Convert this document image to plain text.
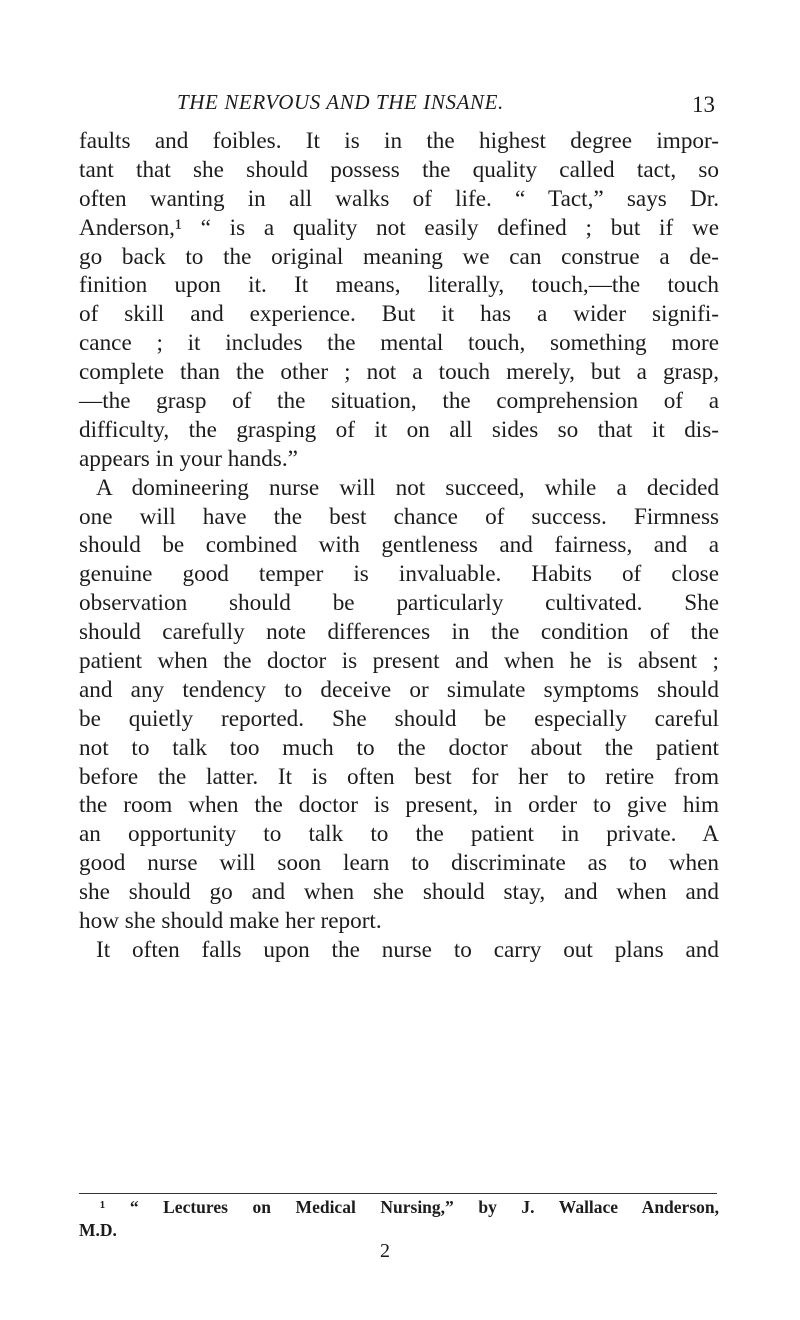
THE NERVOUS AND THE INSANE.	13
faults and foibles. It is in the highest degree impor-
tant that she should possess the quality called tact, so
often wanting in all walks of life. “ Tact,” says Dr.
Anderson,¹ “ is a quality not easily defined ; but if we
go back to the original meaning we can construe a de-
finition upon it. It means, literally, touch,—the touch
of skill and experience. But it has a wider signifi-
cance ; it includes the mental touch, something more
complete than the other ; not a touch merely, but a grasp,
—the grasp of the situation, the comprehension of a
difficulty, the grasping of it on all sides so that it dis-
appears in your hands.”
A domineering nurse will not succeed, while a decided
one will have the best chance of success. Firmness
should be combined with gentleness and fairness, and a
genuine good temper is invaluable. Habits of close
observation should be particularly cultivated. She
should carefully note differences in the condition of the
patient when the doctor is present and when he is absent ;
and any tendency to deceive or simulate symptoms should
be quietly reported. She should be especially careful
not to talk too much to the doctor about the patient
before the latter. It is often best for her to retire from
the room when the doctor is present, in order to give him
an opportunity to talk to the patient in private. A
good nurse will soon learn to discriminate as to when
she should go and when she should stay, and when and
how she should make her report.
It often falls upon the nurse to carry out plans and
¹ “ Lectures on Medical Nursing,” by J. Wallace Anderson,
M.D.
2
